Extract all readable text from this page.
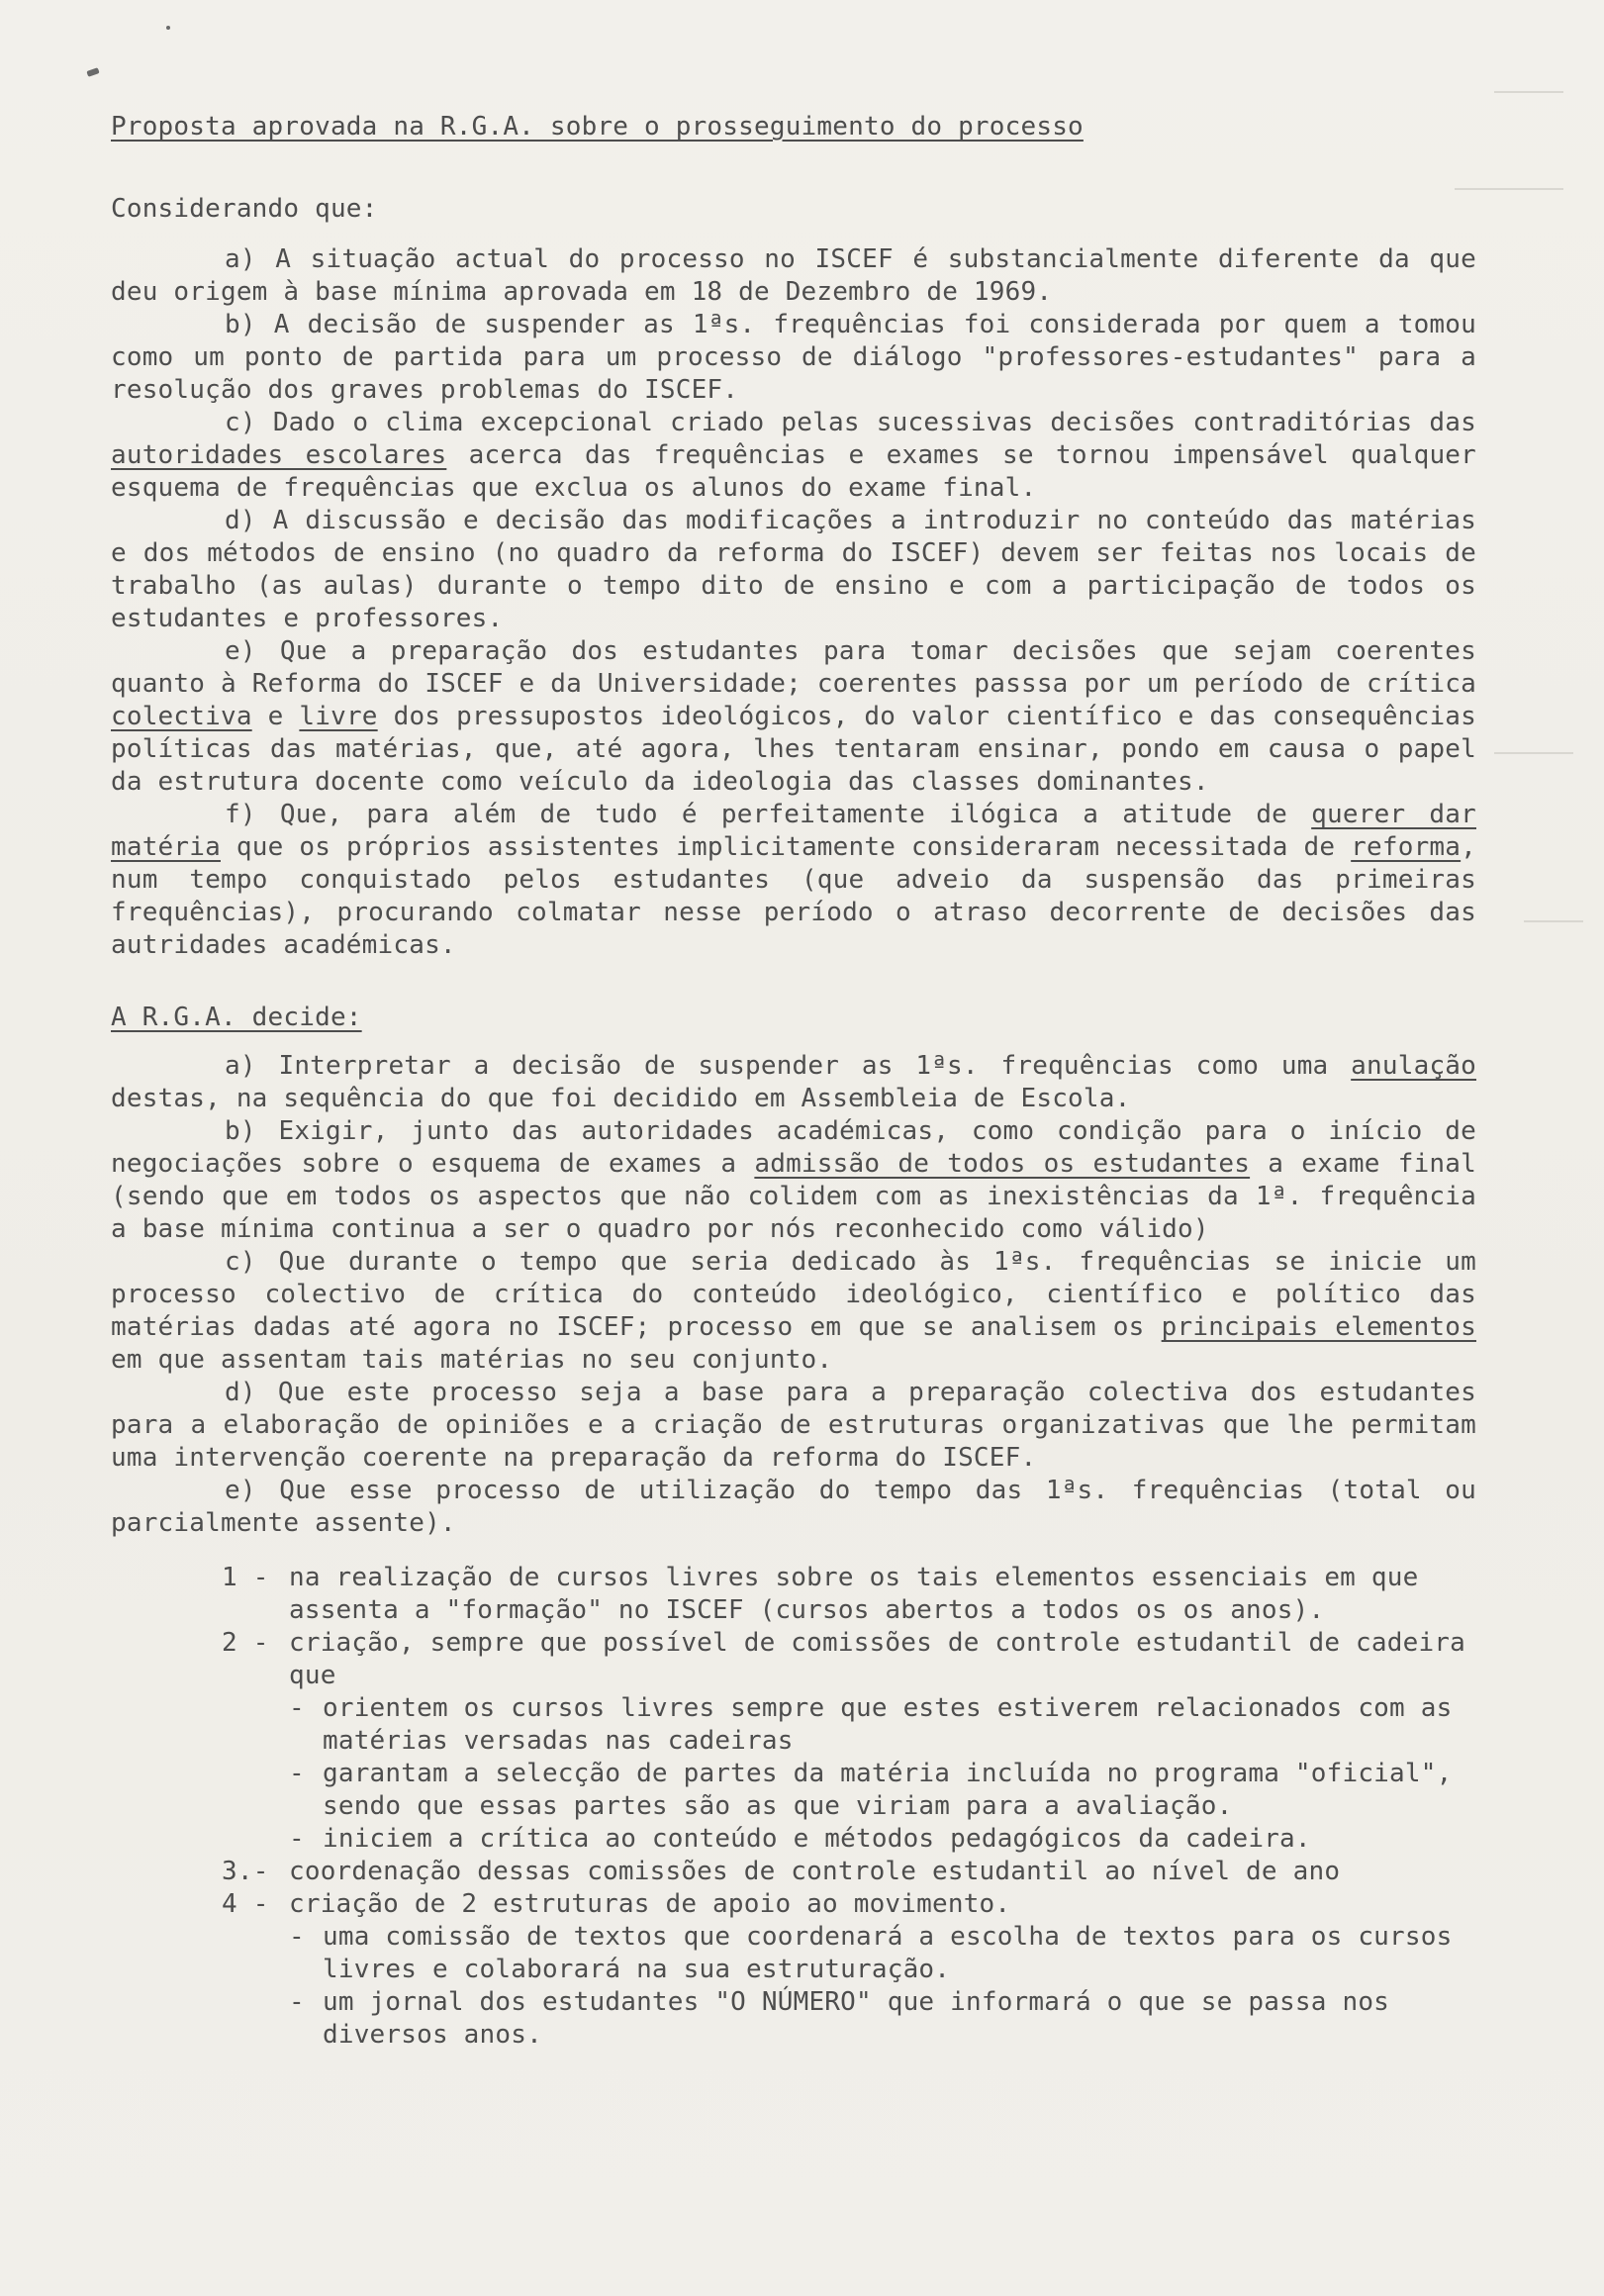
Proposta aprovada na R.G.A. sobre o prosseguimento do processo

Considerando que:

a) A situação actual do processo no ISCEF é substancialmente diferente da que deu origem à base mínima aprovada em 18 de Dezembro de 1969.

b) A decisão de suspender as 1ªs. frequências foi considerada por quem a tomou como um ponto de partida para um processo de diálogo "professores-estudantes" para a resolução dos graves problemas do ISCEF.

c) Dado o clima excepcional criado pelas sucessivas decisões contraditórias das autoridades escolares acerca das frequências e exames se tornou impensável qualquer esquema de frequências que exclua os alunos do exame final.

d) A discussão e decisão das modificações a introduzir no conteúdo das matérias e dos métodos de ensino (no quadro da reforma do ISCEF) devem ser feitas nos locais de trabalho (as aulas) durante o tempo dito de ensino e com a participação de todos os estudantes e professores.

e) Que a preparação dos estudantes para tomar decisões que sejam coerentes quanto à Reforma do ISCEF e da Universidade; coerentes passsa por um período de crítica colectiva e livre dos pressupostos ideológicos, do valor científico e das consequências políticas das matérias, que, até agora, lhes tentaram ensinar, pondo em causa o papel da estrutura docente como veículo da ideologia das classes dominantes.

f) Que, para além de tudo é perfeitamente ilógica a atitude de querer dar matéria que os próprios assistentes implicitamente consideraram necessitada de reforma, num tempo conquistado pelos estudantes (que adveio da suspensão das primeiras frequências), procurando colmatar nesse período o atraso decorrente de decisões das autridades académicas.

A R.G.A. decide:

a) Interpretar a decisão de suspender as 1ªs. frequências como uma anulação destas, na sequência do que foi decidido em Assembleia de Escola.

b) Exigir, junto das autoridades académicas, como condição para o início de negociações sobre o esquema de exames a admissão de todos os estudantes a exame final (sendo que em todos os aspectos que não colidem com as inexistências da 1ª. frequência a base mínima continua a ser o quadro por nós reconhecido como válido)

c) Que durante o tempo que seria dedicado às 1ªs. frequências se inicie um processo colectivo de crítica do conteúdo ideológico, científico e político das matérias dadas até agora no ISCEF; processo em que se analisem os principais elementos em que assentam tais matérias no seu conjunto.

d) Que este processo seja a base para a preparação colectiva dos estudantes para a elaboração de opiniões e a criação de estruturas organizativas que lhe permitam uma intervenção coerente na preparação da reforma do ISCEF.

e) Que esse processo de utilização do tempo das 1ªs. frequências (total ou parcialmente assente).

1 - na realização de cursos livres sobre os tais elementos essenciais em que assenta a "formação" no ISCEF (cursos abertos a todos os os anos).
2 - criação, sempre que possível de comissões de controle estudantil de cadeira que
- orientem os cursos livres sempre que estes estiverem relacionados com as matérias versadas nas cadeiras
- garantam a selecção de partes da matéria incluída no programa "oficial", sendo que essas partes são as que viriam para a avaliação.
- iniciem a crítica ao conteúdo e métodos pedagógicos da cadeira.
3.- coordenação dessas comissões de controle estudantil ao nível de ano
4 - criação de 2 estruturas de apoio ao movimento.
- uma comissão de textos que coordenará a escolha de textos para os cursos livres e colaborará na sua estruturação.
- um jornal dos estudantes "O NÚMERO" que informará o que se passa nos diversos anos.
